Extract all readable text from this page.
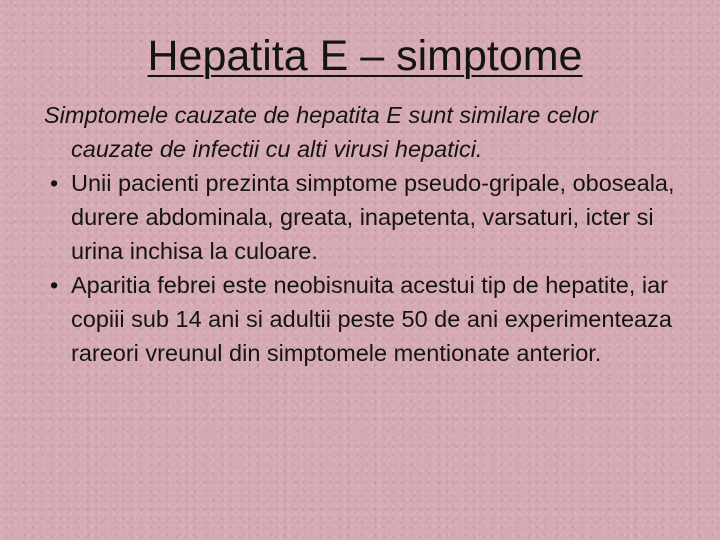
Hepatita E – simptome
Simptomele cauzate de hepatita E sunt similare celor cauzate de infectii cu alti virusi hepatici.
• Unii pacienti prezinta simptome pseudo-gripale, oboseala, durere abdominala, greata, inapetenta, varsaturi, icter si urina inchisa la culoare.
• Aparitia febrei este neobisnuita acestui tip de hepatite, iar copiii sub 14 ani si adultii peste 50 de ani experimenteaza rareori vreunul din simptomele mentionate anterior.
